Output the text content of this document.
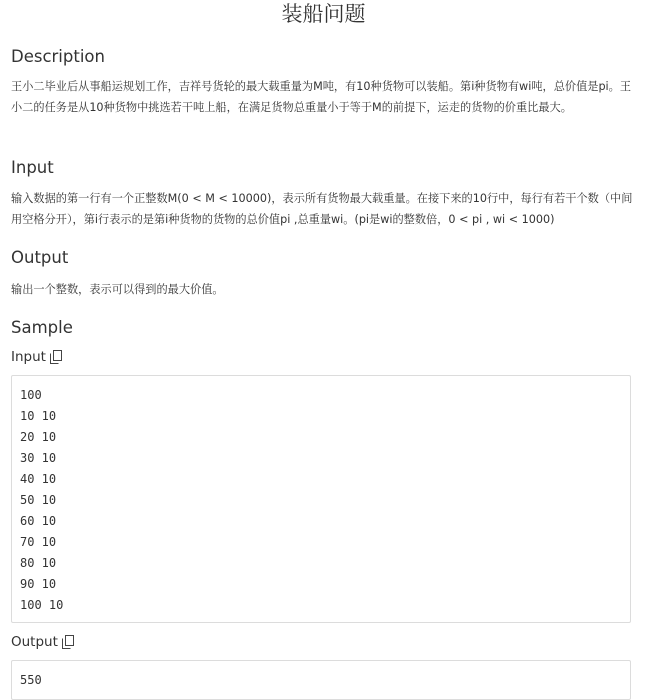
装船问题
Description
王小二毕业后从事船运规划工作，吉祥号货轮的最大载重量为M吨，有10种货物可以装船。第i种货物有wi吨，总价值是pi。王小二的任务是从10种货物中挑选若干吨上船，在满足货物总重量小于等于M的前提下，运走的货物的价重比最大。
Input
输入数据的第一行有一个正整数M(0 < M < 10000)，表示所有货物最大载重量。在接下来的10行中，每行有若干个数（中间用空格分开），第i行表示的是第i种货物的货物的总价值pi ,总重量wi。(pi是wi的整数倍，0 < pi , wi < 1000)
Output
输出一个整数，表示可以得到的最大价值。
Sample
Input
100
10 10
20 10
30 10
40 10
50 10
60 10
70 10
80 10
90 10
100 10
Output
550
